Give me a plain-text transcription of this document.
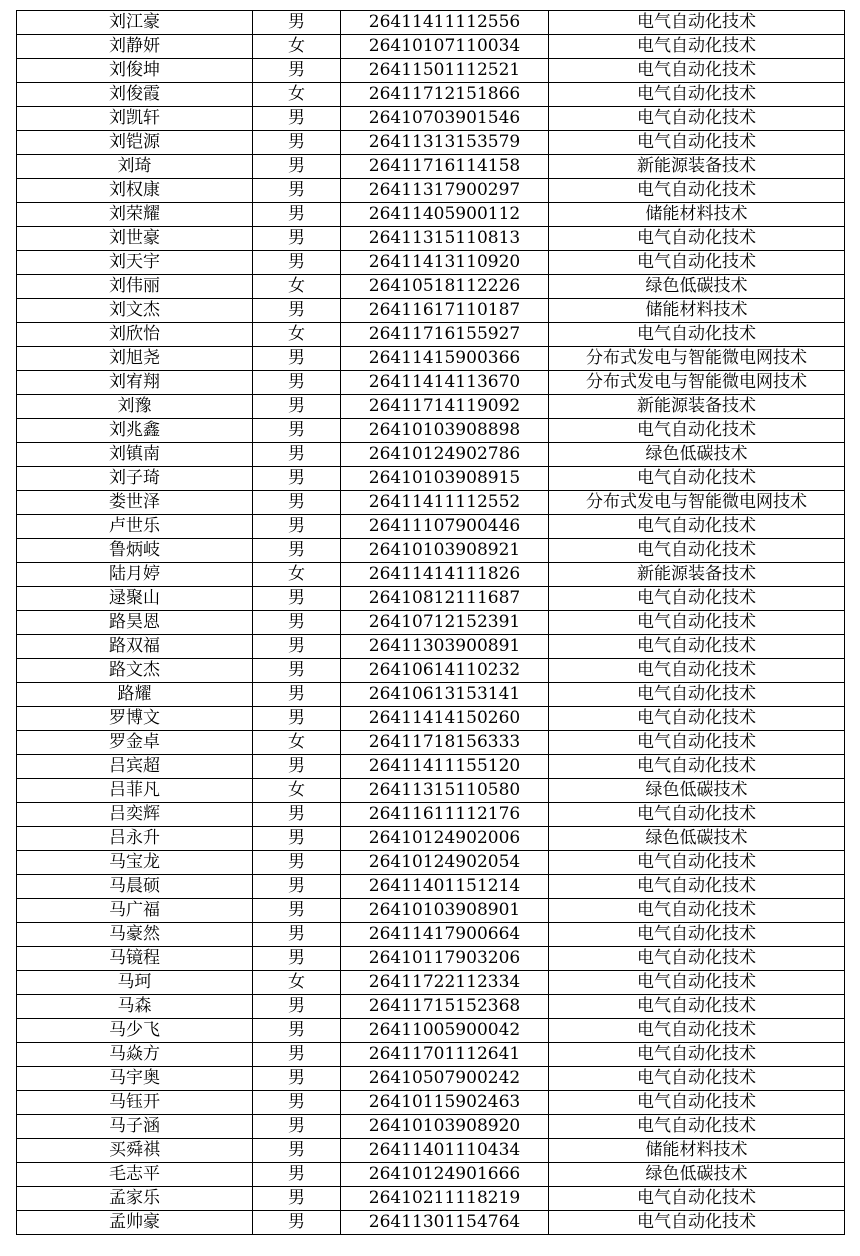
刘江豪	男	26411411112556	电气自动化技术
刘静妍	女	26410107110034	电气自动化技术
刘俊坤	男	26411501112521	电气自动化技术
刘俊霞	女	26411712151866	电气自动化技术
刘凯轩	男	26410703901546	电气自动化技术
刘铠源	男	26411313153579	电气自动化技术
刘琦	男	26411716114158	新能源装备技术
刘权康	男	26411317900297	电气自动化技术
刘荣耀	男	26411405900112	储能材料技术
刘世豪	男	26411315110813	电气自动化技术
刘天宇	男	26411413110920	电气自动化技术
刘伟丽	女	26410518112226	绿色低碳技术
刘文杰	男	26411617110187	储能材料技术
刘欣怡	女	26411716155927	电气自动化技术
刘旭尧	男	26411415900366	分布式发电与智能微电网技术
刘宥翔	男	26411414113670	分布式发电与智能微电网技术
刘豫	男	26411714119092	新能源装备技术
刘兆鑫	男	26410103908898	电气自动化技术
刘镇南	男	26410124902786	绿色低碳技术
刘子琦	男	26410103908915	电气自动化技术
娄世泽	男	26411411112552	分布式发电与智能微电网技术
卢世乐	男	26411107900446	电气自动化技术
鲁炳岐	男	26410103908921	电气自动化技术
陆月婷	女	26411414111826	新能源装备技术
逯聚山	男	26410812111687	电气自动化技术
路昊恩	男	26410712152391	电气自动化技术
路双福	男	26411303900891	电气自动化技术
路文杰	男	26410614110232	电气自动化技术
路耀	男	26410613153141	电气自动化技术
罗博文	男	26411414150260	电气自动化技术
罗金卓	女	26411718156333	电气自动化技术
吕宾超	男	26411411155120	电气自动化技术
吕菲凡	女	26411315110580	绿色低碳技术
吕奕辉	男	26411611112176	电气自动化技术
吕永升	男	26410124902006	绿色低碳技术
马宝龙	男	26410124902054	电气自动化技术
马晨硕	男	26411401151214	电气自动化技术
马广福	男	26410103908901	电气自动化技术
马豪然	男	26411417900664	电气自动化技术
马镜程	男	26410117903206	电气自动化技术
马珂	女	26411722112334	电气自动化技术
马森	男	26411715152368	电气自动化技术
马少飞	男	26411005900042	电气自动化技术
马焱方	男	26411701112641	电气自动化技术
马宇奥	男	26410507900242	电气自动化技术
马钰开	男	26410115902463	电气自动化技术
马子涵	男	26410103908920	电气自动化技术
买舜祺	男	26411401110434	储能材料技术
毛志平	男	26410124901666	绿色低碳技术
孟家乐	男	26410211118219	电气自动化技术
孟帅豪	男	26411301154764	电气自动化技术
